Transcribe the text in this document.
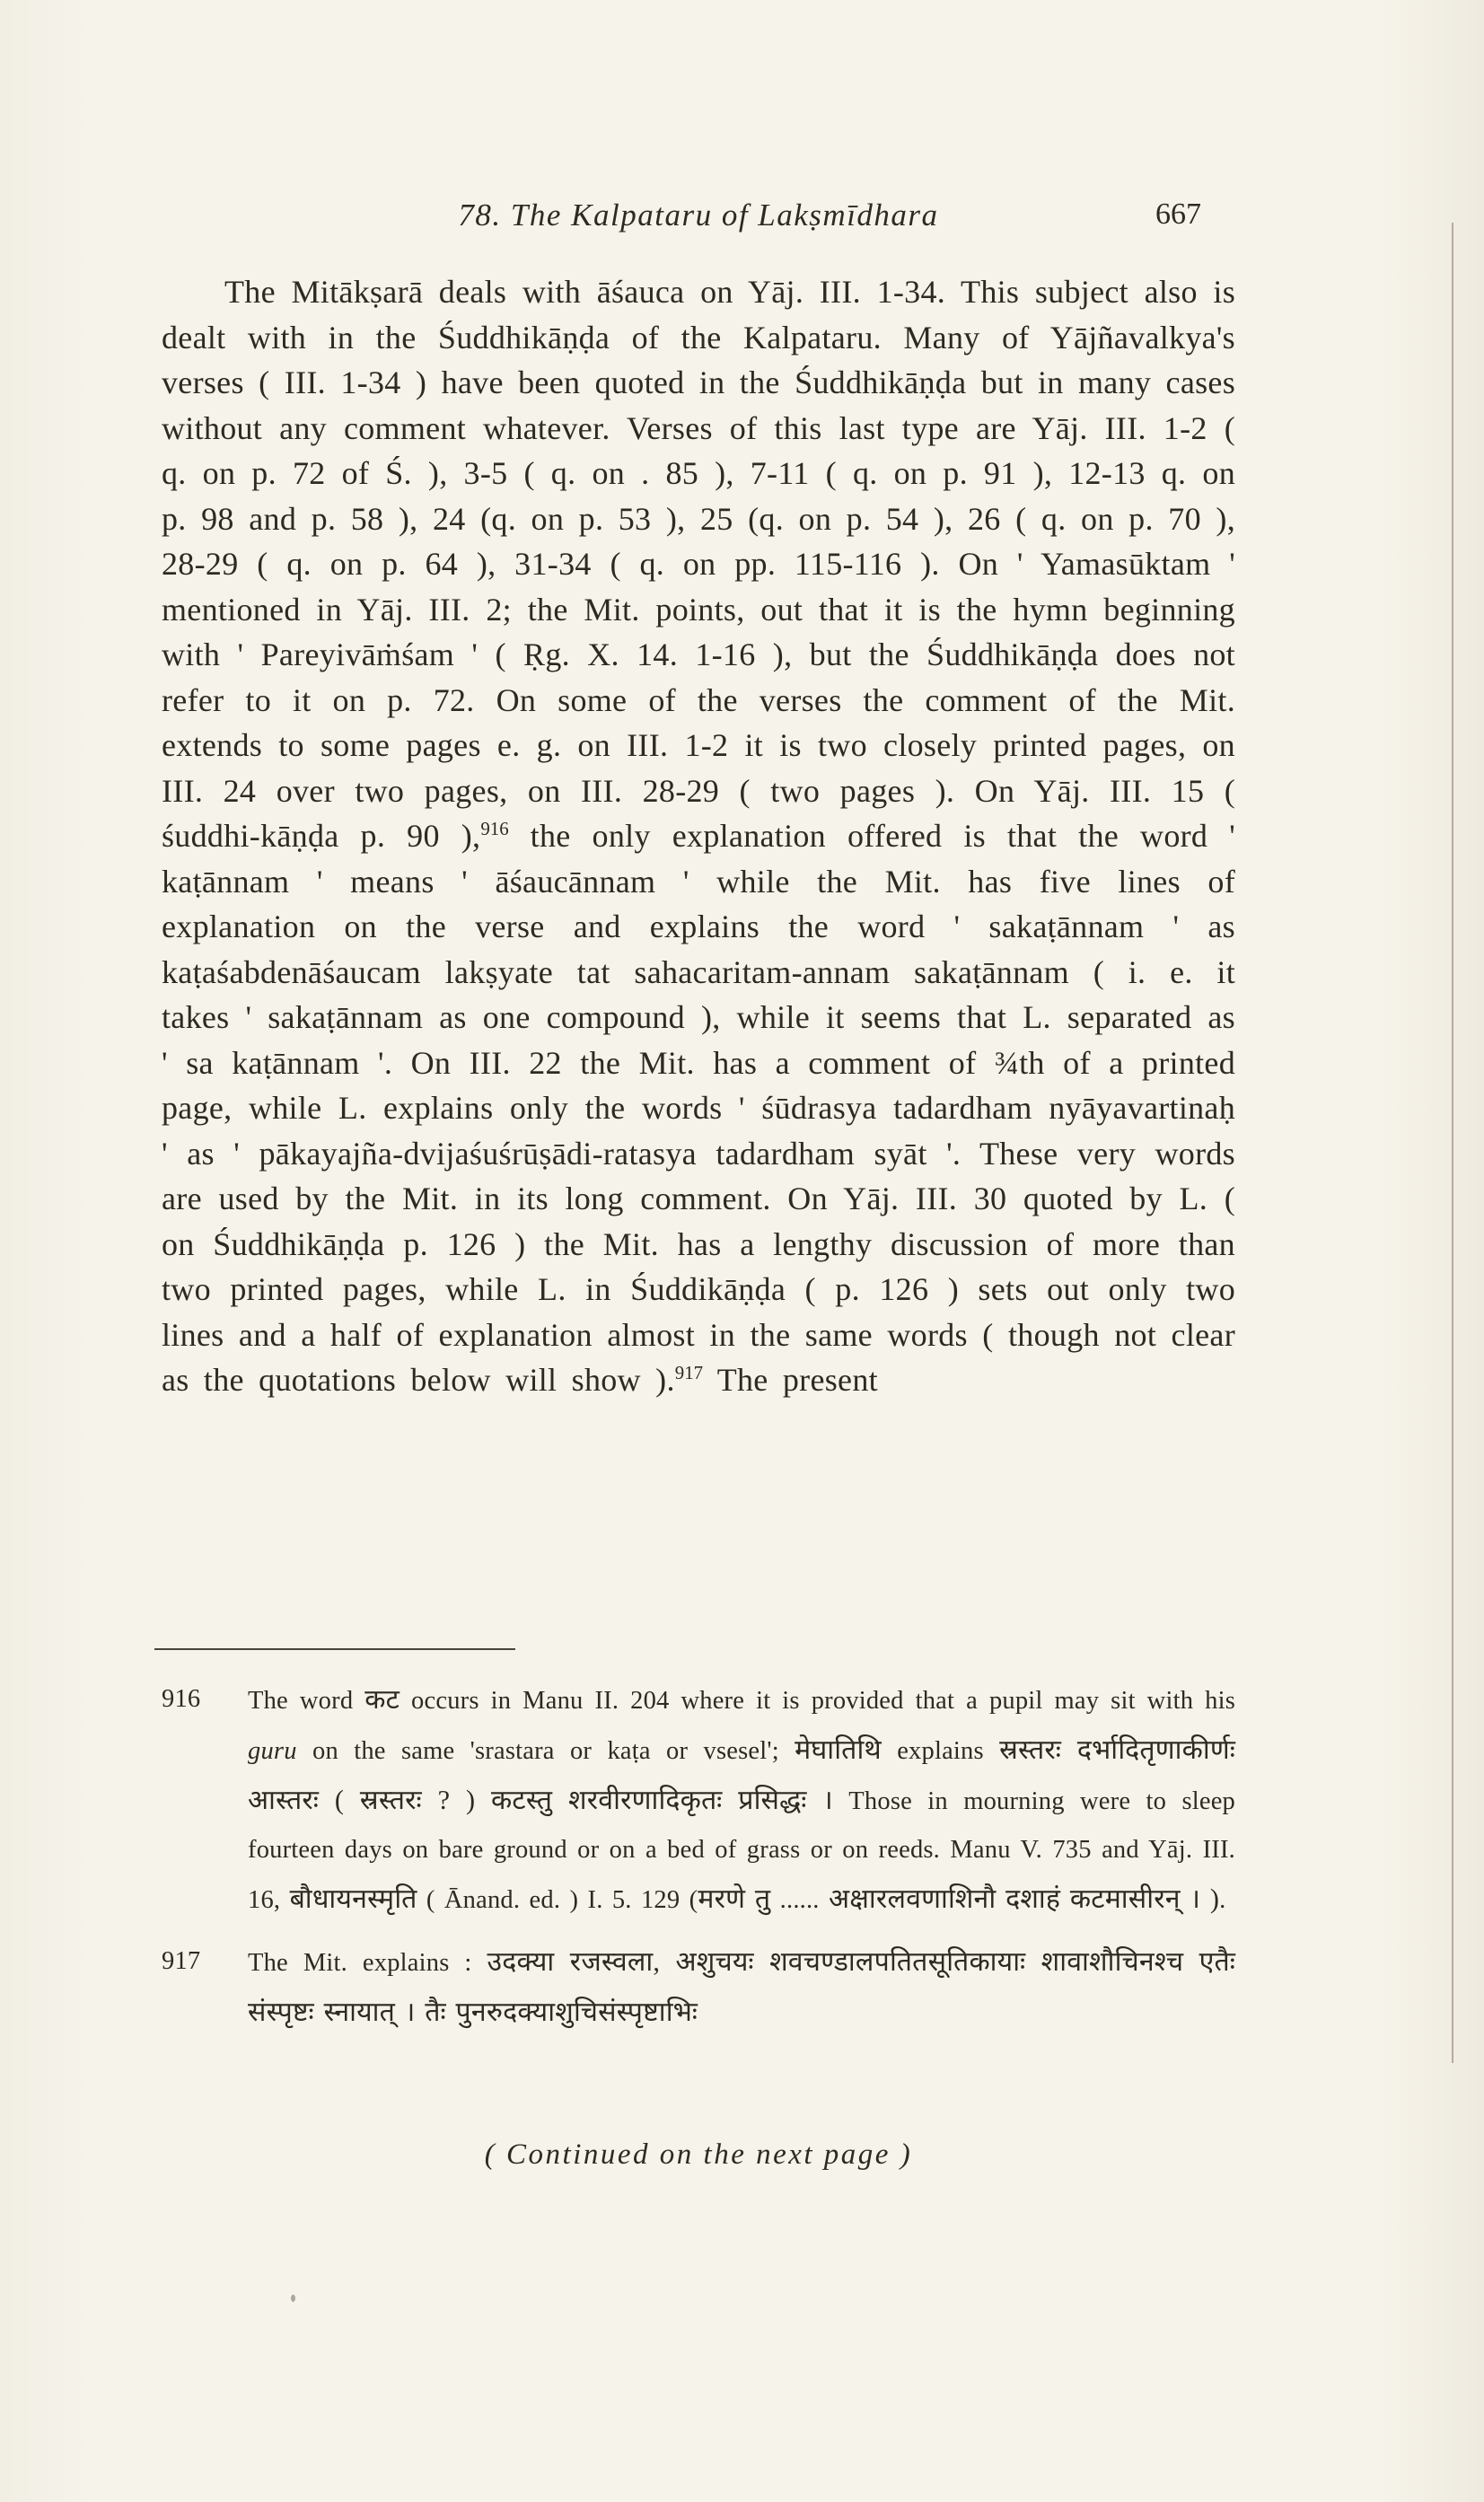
78. The Kalpataru of Lakṣmīdhara	667

The Mitākṣarā deals with āśauca on Yāj. III. 1-34. This subject also is dealt with in the Śuddhikāṇḍa of the Kalpataru. Many of Yājñavalkya's verses ( III. 1-34 ) have been quoted in the Śuddhikāṇḍa but in many cases without any comment whatever. Verses of this last type are Yāj. III. 1-2 ( q. on p. 72 of Ś. ), 3-5 ( q. on . 85 ), 7-11 ( q. on p. 91 ), 12-13 q. on p. 98 and p. 58 ), 24 (q. on p. 53 ), 25 (q. on p. 54 ), 26 ( q. on p. 70 ), 28-29 ( q. on p. 64 ), 31-34 ( q. on pp. 115-116 ). On ' Yamasūktam ' mentioned in Yāj. III. 2; the Mit. points, out that it is the hymn beginning with ' Pareyivāṁśam ' ( Ṛg. X. 14. 1-16 ), but the Śuddhikāṇḍa does not refer to it on p. 72. On some of the verses the comment of the Mit. extends to some pages e. g. on III. 1-2 it is two closely printed pages, on III. 24 over two pages, on III. 28-29 ( two pages ). On Yāj. III. 15 ( śuddhi-kāṇḍa p. 90 ),$^{916}$ the only explanation offered is that the word ' kaṭānnam ' means ' āśaucānnam ' while the Mit. has five lines of explanation on the verse and explains the word ' sakaṭānnam ' as kaṭaśabdenāśaucam lakṣyate tat sahacaritam-annam sakaṭānnam ( i. e. it takes ' sakaṭānnam as one compound ), while it seems that L. separated as ' sa kaṭānnam '. On III. 22 the Mit. has a comment of ¾th of a printed page, while L. explains only the words ' śūdrasya tadardham nyāyavartinaḥ ' as ' pākayajña-dvijaśuśrūṣādi-ratasya tadardham syāt '. These very words are used by the Mit. in its long comment. On Yāj. III. 30 quoted by L. ( on Śuddhikāṇḍa p. 126 ) the Mit. has a lengthy discussion of more than two printed pages, while L. in Śuddikāṇḍa ( p. 126 ) sets out only two lines and a half of explanation almost in the same words ( though not clear as the quotations below will show ).$^{917}$ The present

916 The word कट occurs in Manu II. 204 where it is provided that a pupil may sit with his guru on the same 'srastara or kaṭa or vsesel'; मेघातिथि explains स्रस्तरः दर्भादितृणाकीर्णः आस्तरः ( स्रस्तरः ? ) कटस्तु शरवीरणादिकृतः प्रसिद्धः । Those in mourning were to sleep fourteen days on bare ground or on a bed of grass or on reeds. Manu V. 735 and Yāj. III. 16, बौधायनस्मृति ( Ānand. ed. ) I. 5. 129 (मरणे तु ...... अक्षारलवणाशिनौ दशाहं कटमासीरन् । ).
917 The Mit. explains : उदक्या रजस्वला, अशुचयः शवचण्डालपतितसूतिकायाः शावाशौचिनश्च एतैः संस्पृष्टः स्नायात् । तैः पुनरुदक्याशुचिसंस्पृष्टाभिः
( Continued on the next page )
